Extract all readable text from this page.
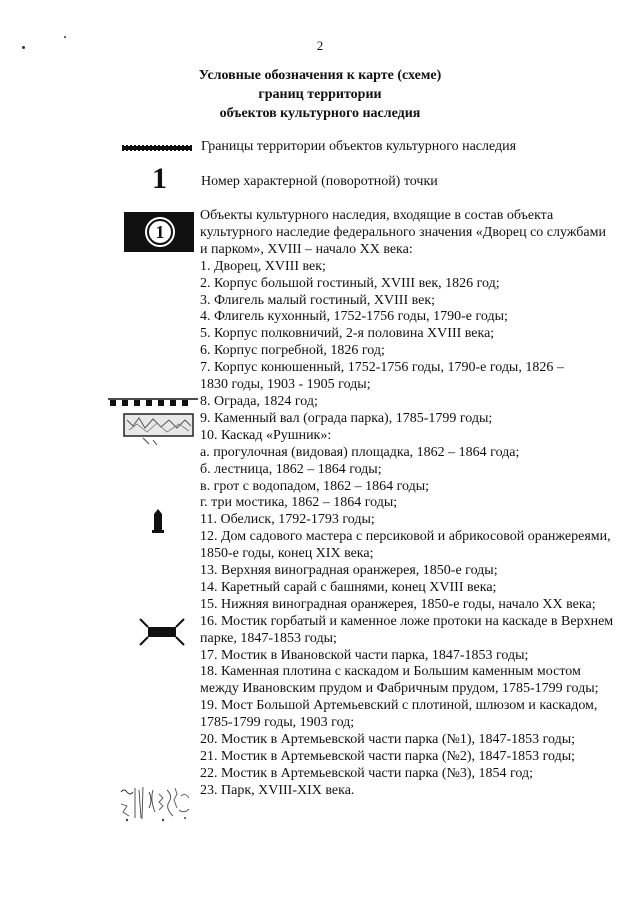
2
Условные обозначения к карте (схеме)
границ территории
объектов культурного наследия
Границы территории объектов культурного наследия
1 Номер характерной (поворотной) точки
1
Объекты культурного наследия, входящие в состав объекта
культурного наследие федерального значения «Дворец со службами
и парком», XVIII – начало XX века:
1. Дворец, XVIII век;
2. Корпус большой гостиный, XVIII век, 1826 год;
3. Флигель малый гостиный, XVIII век;
4. Флигель кухонный, 1752-1756 годы, 1790-е годы;
5. Корпус полковничий, 2-я половина XVIII века;
6. Корпус погребной, 1826 год;
7. Корпус конюшенный, 1752-1756 годы, 1790-е годы, 1826 –
1830 годы, 1903 - 1905 годы;
8. Ограда, 1824 год;
9. Каменный вал (ограда парка), 1785-1799 годы;
10. Каскад «Рушник»:
а. прогулочная (видовая) площадка, 1862 – 1864 года;
б. лестница, 1862 – 1864 годы;
в. грот с водопадом, 1862 – 1864 годы;
г. три мостика, 1862 – 1864 годы;
11. Обелиск, 1792-1793 годы;
12. Дом садового мастера с персиковой и абрикосовой оранжереями,
1850-е годы, конец XIX века;
13. Верхняя виноградная оранжерея, 1850-е годы;
14. Каретный сарай с башнями, конец XVIII века;
15. Нижняя виноградная оранжерея, 1850-е годы, начало XX века;
16. Мостик горбатый и каменное ложе протоки на каскаде в Верхнем
парке, 1847-1853 годы;
17. Мостик в Ивановской части парка, 1847-1853 годы;
18. Каменная плотина с каскадом и Большим каменным мостом
между Ивановским прудом и Фабричным прудом, 1785-1799 годы;
19. Мост Большой Артемьевский с плотиной, шлюзом и каскадом,
1785-1799 годы, 1903 год;
20. Мостик в Артемьевской части парка (№1), 1847-1853 годы;
21. Мостик в Артемьевской части парка (№2), 1847-1853 годы;
22. Мостик в Артемьевской части парка (№3), 1854 год;
23. Парк, XVIII-XIX века.
